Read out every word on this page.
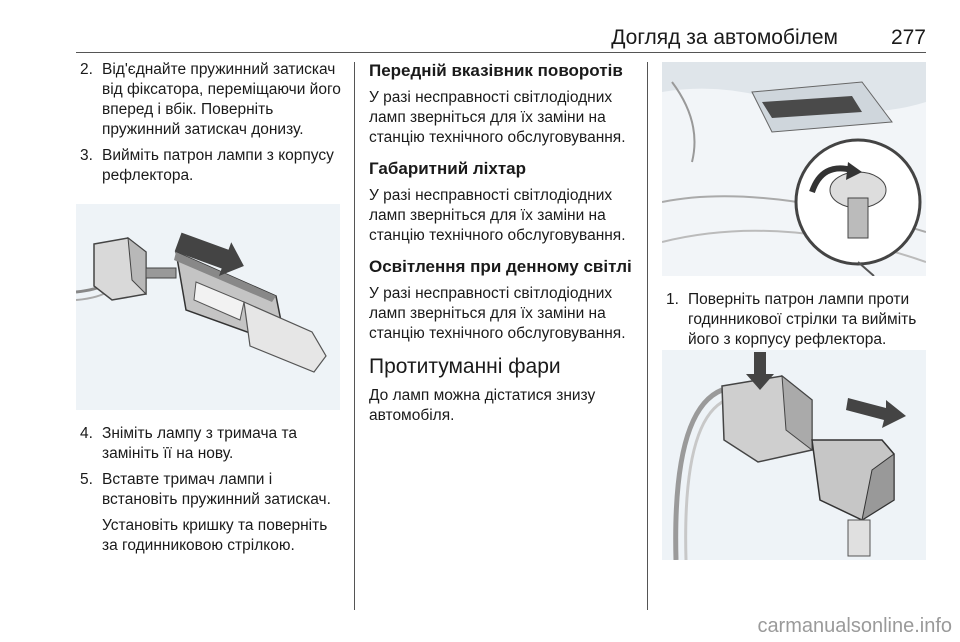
Догляд за автомобілем	277
2. Від'єднайте пружинний затискач від фіксатора, переміщаючи його вперед і вбік. Поверніть пружинний затискач донизу.
3. Вийміть патрон лампи з корпусу рефлектора.
4. Зніміть лампу з тримача та замініть її на нову.
5. Вставте тримач лампи і встановіть пружинний затискач.

Установіть кришку та поверніть за годинниковою стрілкою.

Передній вказівник поворотів

У разі несправності світлодіодних ламп зверніться для їх заміни на станцію технічного обслуговування.

Габаритний ліхтар

У разі несправності світлодіодних ламп зверніться для їх заміни на станцію технічного обслуговування.

Освітлення при денному світлі

У разі несправності світлодіодних ламп зверніться для їх заміни на станцію технічного обслуговування.

Протитуманні фари

До ламп можна дістатися знизу автомобіля.

1. Поверніть патрон лампи проти годинникової стрілки та вийміть його з корпусу рефлектора.
carmanualsonline.info
